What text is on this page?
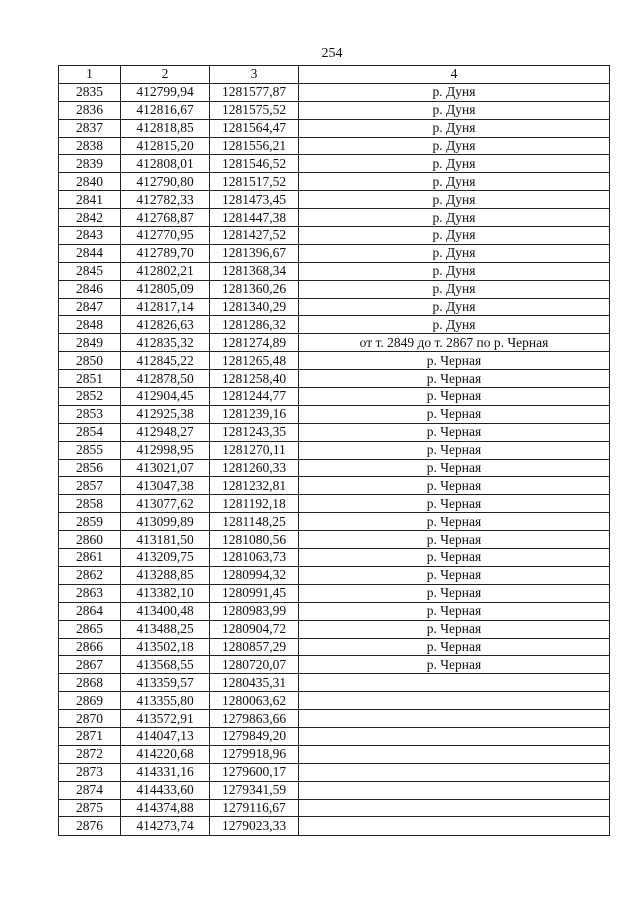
254
1	2	3	4
2835	412799,94	1281577,87	р. Дуня
2836	412816,67	1281575,52	р. Дуня
2837	412818,85	1281564,47	р. Дуня
2838	412815,20	1281556,21	р. Дуня
2839	412808,01	1281546,52	р. Дуня
2840	412790,80	1281517,52	р. Дуня
2841	412782,33	1281473,45	р. Дуня
2842	412768,87	1281447,38	р. Дуня
2843	412770,95	1281427,52	р. Дуня
2844	412789,70	1281396,67	р. Дуня
2845	412802,21	1281368,34	р. Дуня
2846	412805,09	1281360,26	р. Дуня
2847	412817,14	1281340,29	р. Дуня
2848	412826,63	1281286,32	р. Дуня
2849	412835,32	1281274,89	от т. 2849 до т. 2867 по р. Черная
2850	412845,22	1281265,48	р. Черная
2851	412878,50	1281258,40	р. Черная
2852	412904,45	1281244,77	р. Черная
2853	412925,38	1281239,16	р. Черная
2854	412948,27	1281243,35	р. Черная
2855	412998,95	1281270,11	р. Черная
2856	413021,07	1281260,33	р. Черная
2857	413047,38	1281232,81	р. Черная
2858	413077,62	1281192,18	р. Черная
2859	413099,89	1281148,25	р. Черная
2860	413181,50	1281080,56	р. Черная
2861	413209,75	1281063,73	р. Черная
2862	413288,85	1280994,32	р. Черная
2863	413382,10	1280991,45	р. Черная
2864	413400,48	1280983,99	р. Черная
2865	413488,25	1280904,72	р. Черная
2866	413502,18	1280857,29	р. Черная
2867	413568,55	1280720,07	р. Черная
2868	413359,57	1280435,31	
2869	413355,80	1280063,62	
2870	413572,91	1279863,66	
2871	414047,13	1279849,20	
2872	414220,68	1279918,96	
2873	414331,16	1279600,17	
2874	414433,60	1279341,59	
2875	414374,88	1279116,67	
2876	414273,74	1279023,33	
